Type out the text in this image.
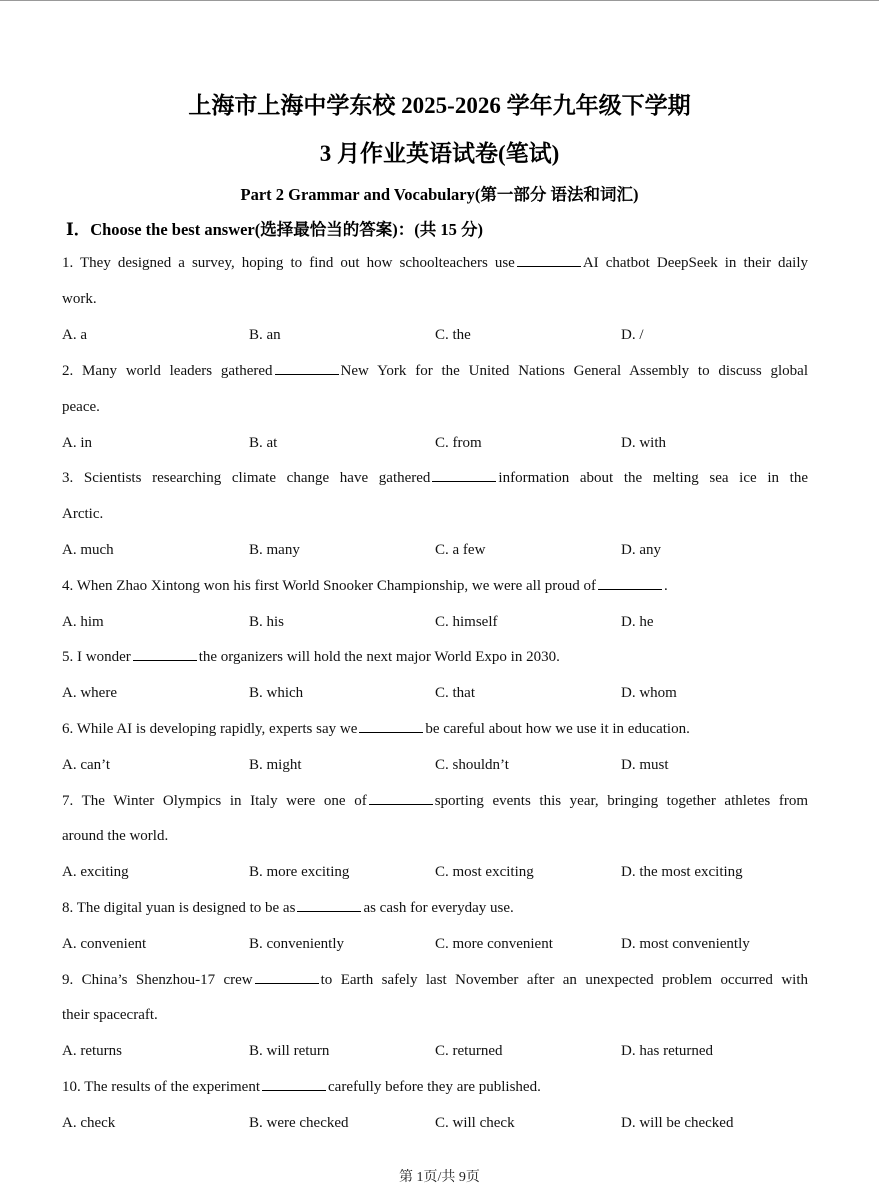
上海市上海中学东校 2025-2026 学年九年级下学期
3 月作业英语试卷(笔试)
Part 2 Grammar and Vocabulary(第一部分 语法和词汇)
Ⅰ．Choose the best answer(选择最恰当的答案)：(共 15 分)
1. They designed a survey, hoping to find out how schoolteachers use	AI chatbot DeepSeek in their daily
work.
A. a	B. an	C. the	D. /
2. Many world leaders gathered	New York for the United Nations General Assembly to discuss global
peace.
A. in	B. at	C. from	D. with
3. Scientists researching climate change have gathered	information about the melting sea ice in the
Arctic.
A. much	B. many	C. a few	D. any
4. When Zhao Xintong won his first World Snooker Championship, we were all proud of	.
A. him	B. his	C. himself	D. he
5. I wonder	the organizers will hold the next major World Expo in 2030.
A. where	B. which	C. that	D. whom
6. While AI is developing rapidly, experts say we	be careful about how we use it in education.
A. can’t	B. might	C. shouldn’t	D. must
7. The Winter Olympics in Italy were one of	sporting events this year, bringing together athletes from
around the world.
A. exciting	B. more exciting	C. most exciting	D. the most exciting
8. The digital yuan is designed to be as	as cash for everyday use.
A. convenient	B. conveniently	C. more convenient	D. most conveniently
9. China’s Shenzhou-17 crew	to Earth safely last November after an unexpected problem occurred with
their spacecraft.
A. returns	B. will return	C. returned	D. has returned
10. The results of the experiment	carefully before they are published.
A. check	B. were checked	C. will check	D. will be checked
第 1页/共 9页
